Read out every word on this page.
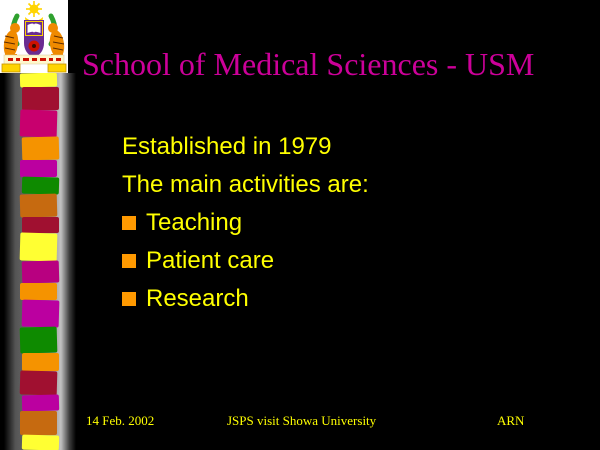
School of Medical Sciences - USM
Established in 1979
The main activities are:
Teaching
Patient care
Research
14 Feb. 2002	JSPS visit Showa University	ARN
